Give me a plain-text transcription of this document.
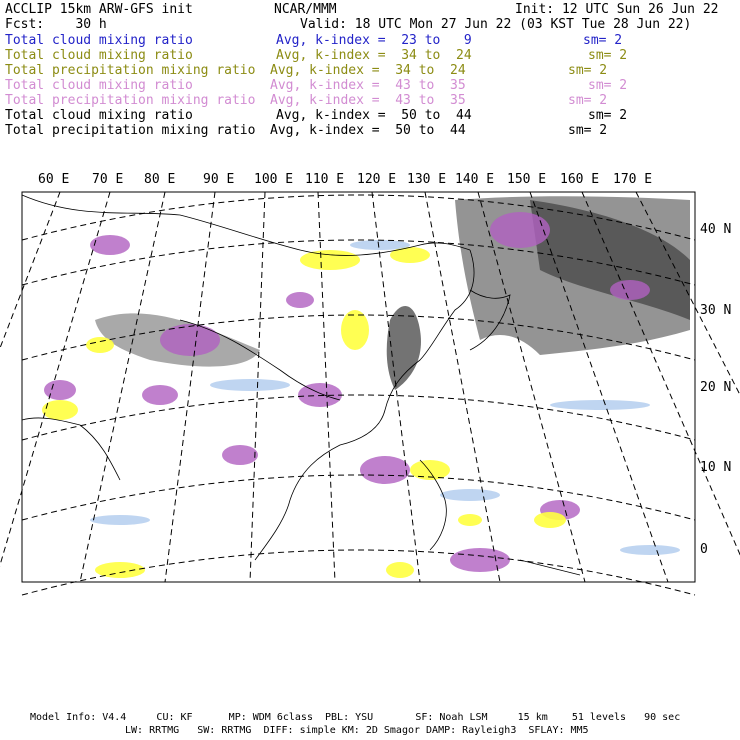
ACCLIP 15km ARW-GFS init	NCAR/MMM	Init: 12 UTC Sun 26 Jun 22
Fcst:    30 h	Valid: 18 UTC Mon 27 Jun 22 (03 KST Tue 28 Jun 22)
Total cloud mixing ratio	Avg, k-index =  23 to   9	sm= 2
Total cloud mixing ratio	Avg, k-index =  34 to  24	sm= 2
Total precipitation mixing ratio Avg, k-index =  34 to  24	sm= 2
Total cloud mixing ratio	Avg, k-index =  43 to  35	sm= 2
Total precipitation mixing ratio Avg, k-index =  43 to  35	sm= 2
Total cloud mixing ratio	Avg, k-index =  50 to  44	sm= 2
Total precipitation mixing ratio Avg, k-index =  50 to  44	sm= 2
60 E 70 E 80 E 90 E 100 E 110 E 120 E 130 E 140 E 150 E 160 E 170 E
40 N
30 N
20 N
10 N
0
Model Info: V4.4     CU: KF      MP: WDM 6class  PBL: YSU       SF: Noah LSM     15 km    51 levels   90 sec
LW: RRTMG   SW: RRTMG  DIFF: simple KM: 2D Smagor DAMP: Rayleigh3  SFLAY: MM5
